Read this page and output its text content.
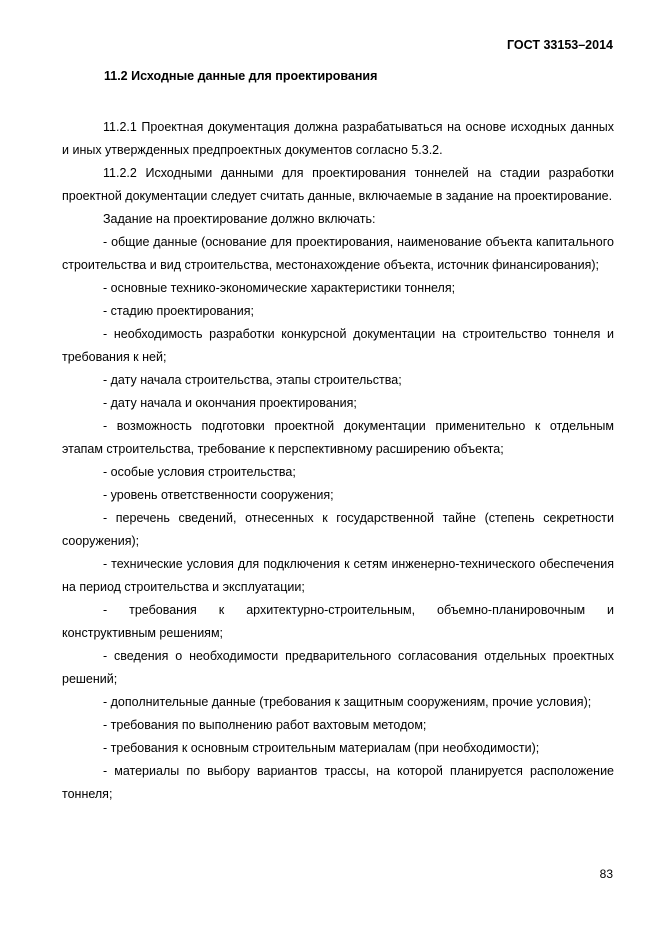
ГОСТ 33153–2014
11.2 Исходные данные для проектирования

11.2.1 Проектная документация должна разрабатываться на основе исходных данных и иных утвержденных предпроектных документов согласно 5.3.2.

11.2.2 Исходными данными для проектирования тоннелей на стадии разработки проектной документации следует считать данные, включаемые в задание на проектирование.

Задание на проектирование должно включать:

- общие данные (основание для проектирования, наименование объекта капитального строительства и вид строительства, местонахождение объекта, источник финансирования);

- основные технико-экономические характеристики тоннеля;

- стадию проектирования;

- необходимость разработки конкурсной документации на строительство тоннеля и требования к ней;

- дату начала строительства, этапы строительства;

- дату начала и окончания проектирования;

- возможность подготовки проектной документации применительно к отдельным этапам строительства, требование к перспективному расширению объекта;

- особые условия строительства;

- уровень ответственности сооружения;

- перечень сведений, отнесенных к государственной тайне (степень секретности сооружения);

- технические условия для подключения к сетям инженерно-технического обеспечения на период строительства и эксплуатации;

- требования к архитектурно-строительным, объемно-планировочным и конструктивным решениям;

- сведения о необходимости предварительного согласования отдельных проектных решений;

- дополнительные данные (требования к защитным сооружениям, прочие условия);

- требования по выполнению работ вахтовым методом;

- требования к основным строительным материалам (при необходимости);

- материалы по выбору вариантов трассы, на которой планируется расположение тоннеля;

83
